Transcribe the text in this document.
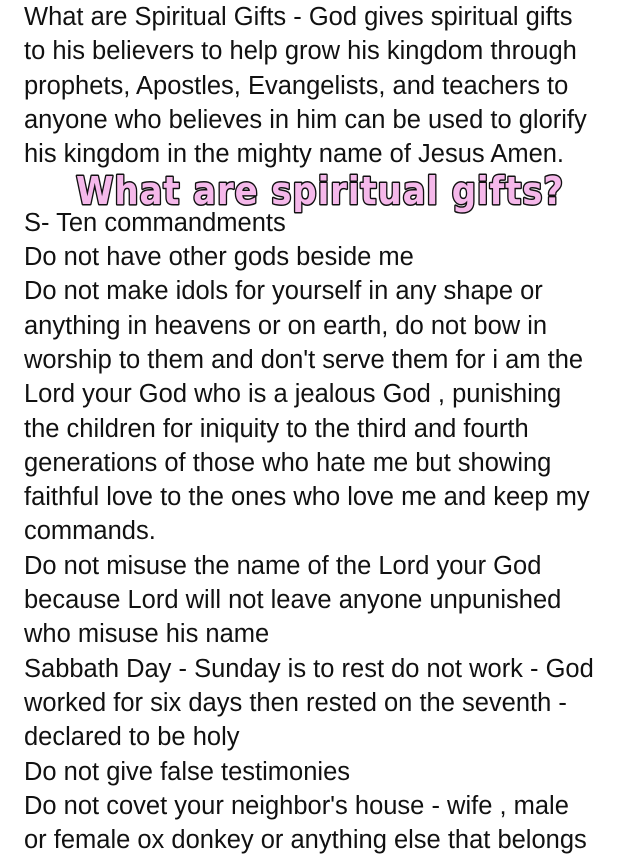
What are Spiritual Gifts - God gives spiritual gifts
to his believers to help grow his kingdom through
prophets, Apostles, Evangelists, and teachers to
anyone who believes in him can be used to glorify
his kingdom in the mighty name of Jesus Amen.
S- Ten commandments
Do not have other gods beside me
Do not make idols for yourself in any shape or
anything in heavens or on earth, do not bow in
worship to them and don't serve them for i am the
Lord your God who is a jealous God , punishing
the children for iniquity to the third and fourth
generations of those who hate me but showing
faithful love to the ones who love me and keep my
commands.
Do not misuse the name of the Lord your God
because Lord will not leave anyone unpunished
who misuse his name
Sabbath Day - Sunday is to rest do not work - God
worked for six days then rested on the seventh -
declared to be holy
Do not give false testimonies
Do not covet your neighbor's house - wife , male
or female ox donkey or anything else that belongs
What are spiritual gifts?
